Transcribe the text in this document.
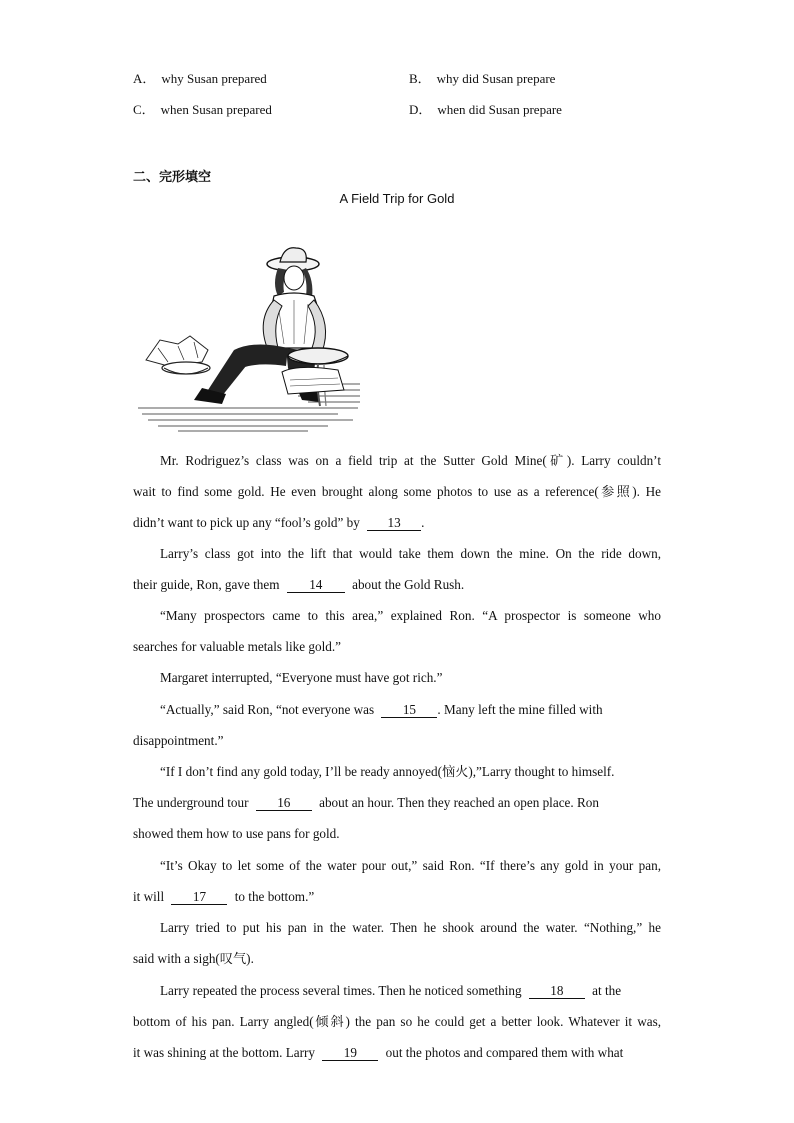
A． why Susan prepared	B． why did Susan prepare
C． when Susan prepared	D． when did Susan prepare
二、完形填空
A Field Trip for Gold
Mr. Rodriguez’s class was on a field trip at the Sutter Gold Mine(矿). Larry couldn’t
wait to find some gold. He even brought along some photos to use as a reference(参照). He
didn’t want to pick up any “fool’s gold” by 13 .
Larry’s class got into the lift that would take them down the mine. On the ride down,
their guide, Ron, gave them 14 about the Gold Rush.
“Many prospectors came to this area,” explained Ron. “A prospector is someone who
searches for valuable metals like gold.”
Margaret interrupted, “Everyone must have got rich.”
“Actually,” said Ron, “not everyone was 15 . Many left the mine filled with
disappointment.”
“If I don’t find any gold today, I’ll be ready annoyed(恼火),”Larry thought to himself.
The underground tour 16 about an hour. Then they reached an open place. Ron
showed them how to use pans for gold.
“It’s Okay to let some of the water pour out,” said Ron. “If there’s any gold in your pan,
it will 17 to the bottom.”
Larry tried to put his pan in the water. Then he shook around the water. “Nothing,” he
said with a sigh(叹气).
Larry repeated the process several times. Then he noticed something 18 at the
bottom of his pan. Larry angled(倾斜) the pan so he could get a better look. Whatever it was,
it was shining at the bottom. Larry 19 out the photos and compared them with what
